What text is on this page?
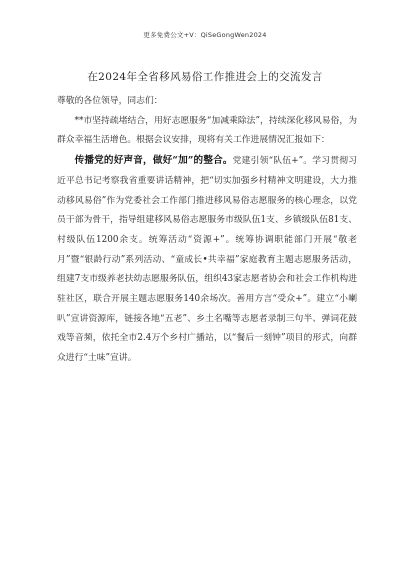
更多免费公文+V：QiSeGongWen2024
在2024年全省移风易俗工作推进会上的交流发言

尊敬的各位领导，同志们：

**市坚持疏堵结合，用好志愿服务“加减乘除法”，持续深化移风易俗，为群众幸福生活增色。根据会议安排，现将有关工作进展情况汇报如下：

传播党的好声音，做好“加”的整合。党建引领“队伍+”。学习贯彻习近平总书记考察我省重要讲话精神，把“切实加强乡村精神文明建设，大力推动移风易俗”作为党委社会工作部门推进移风易俗志愿服务的核心理念，以党员干部为骨干，指导组建移风易俗志愿服务市级队伍1支、乡镇级队伍81支、村级队伍1200余支。统筹活动“资源+”。统筹协调职能部门开展“敬老月”暨“银龄行动”系列活动、“童成长•共幸福”家庭教育主题志愿服务活动，组建7支市级养老扶幼志愿服务队伍，组织43家志愿者协会和社会工作机构进驻社区，联合开展主题志愿服务140余场次。善用方言“受众+”。建立“小喇叭”宣讲资源库，链接各地“五老”、乡土名嘴等志愿者录制三句半、弹词花鼓戏等音频，依托全市2.4万个乡村广播站，以“餐后一刻钟”项目的形式，向群众进行“土味”宣讲。
